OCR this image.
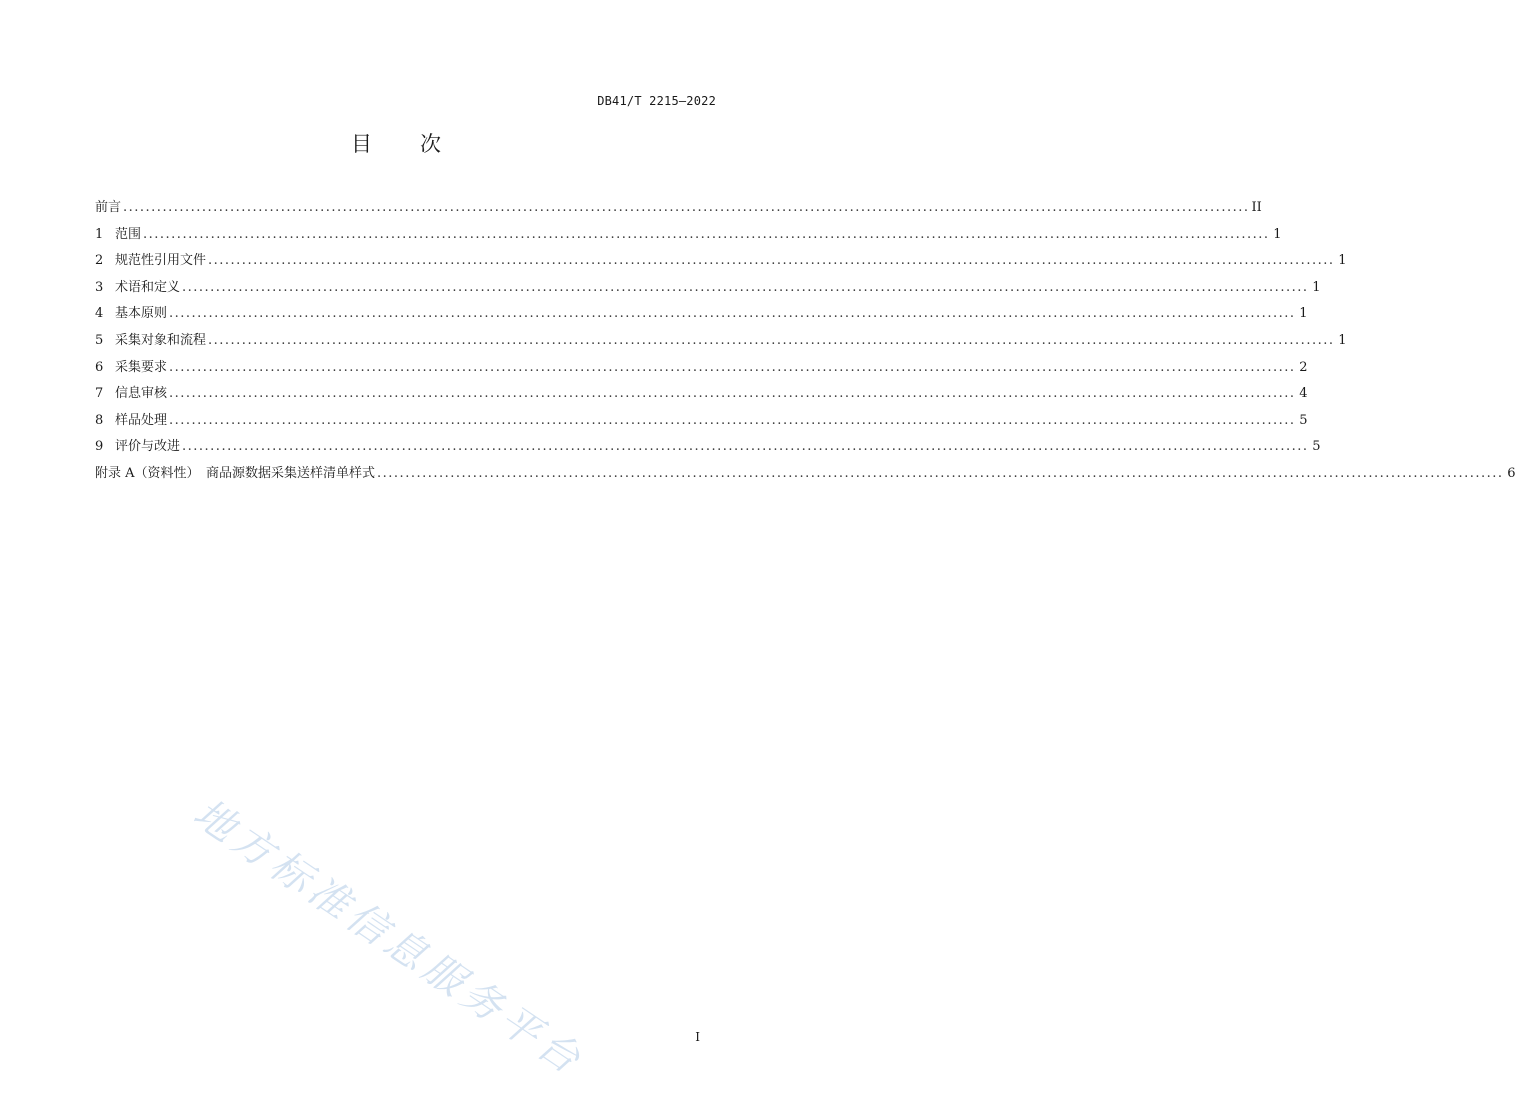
DB41/T 2215—2022
目 次
前言 ........................................................................................................................................................................................................ II
1 范围 ........................................................................................................................................................................................................ 1
2 规范性引用文件 ........................................................................................................................................................................................................ 1
3 术语和定义 ........................................................................................................................................................................................................ 1
4 基本原则 ........................................................................................................................................................................................................ 1
5 采集对象和流程 ........................................................................................................................................................................................................ 1
6 采集要求 ........................................................................................................................................................................................................ 2
7 信息审核 ........................................................................................................................................................................................................ 4
8 样品处理 ........................................................................................................................................................................................................ 5
9 评价与改进 ........................................................................................................................................................................................................ 5
附录 A（资料性）　商品源数据采集送样清单样式 ........................................................................................................................................................................................................ 6
地方标准信息服务平台	I
